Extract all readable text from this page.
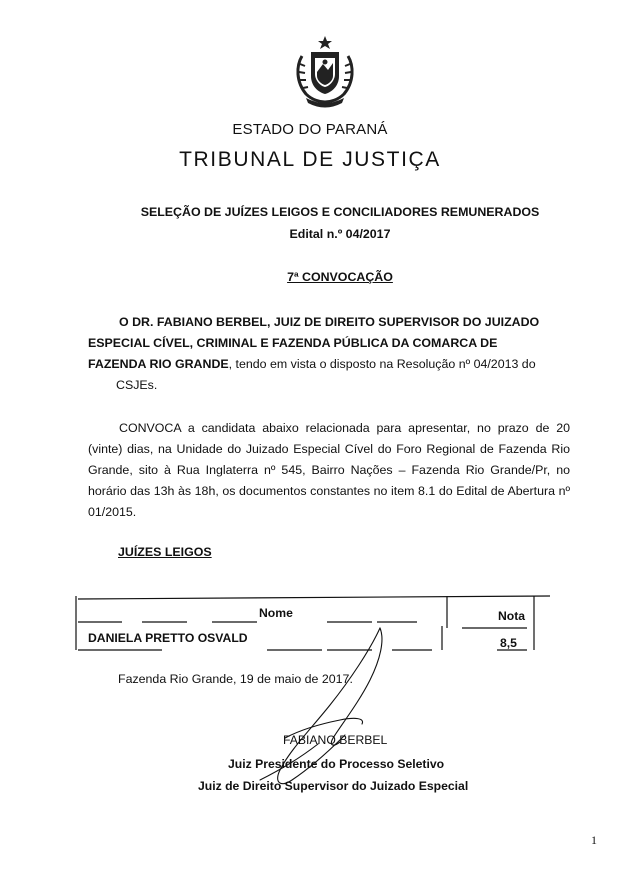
ESTADO DO PARANÁ
TRIBUNAL DE JUSTIÇA
SELEÇÃO DE JUÍZES LEIGOS E CONCILIADORES REMUNERADOS
Edital n.º 04/2017
7ª CONVOCAÇÃO
O DR. FABIANO BERBEL, JUIZ DE DIREITO SUPERVISOR DO JUIZADO
ESPECIAL CÍVEL, CRIMINAL E FAZENDA PÚBLICA DA COMARCA DE
FAZENDA RIO GRANDE, tendo em vista o disposto na Resolução nº 04/2013 do
CSJEs.
CONVOCA a candidata abaixo relacionada para apresentar, no prazo de 20 (vinte) dias, na Unidade do Juizado Especial Cível do Foro Regional de Fazenda Rio Grande, sito à Rua Inglaterra nº 545, Bairro Nações – Fazenda Rio Grande/Pr, no horário das 13h às 18h, os documentos constantes no item 8.1 do Edital de Abertura nº 01/2015.
JUÍZES LEIGOS
Nome	Nota
DANIELA PRETTO OSVALD	8,5
Fazenda Rio Grande, 19 de maio de 2017.
FABIANO BERBEL
Juiz Presidente do Processo Seletivo
Juiz de Direito Supervisor do Juizado Especial
1
